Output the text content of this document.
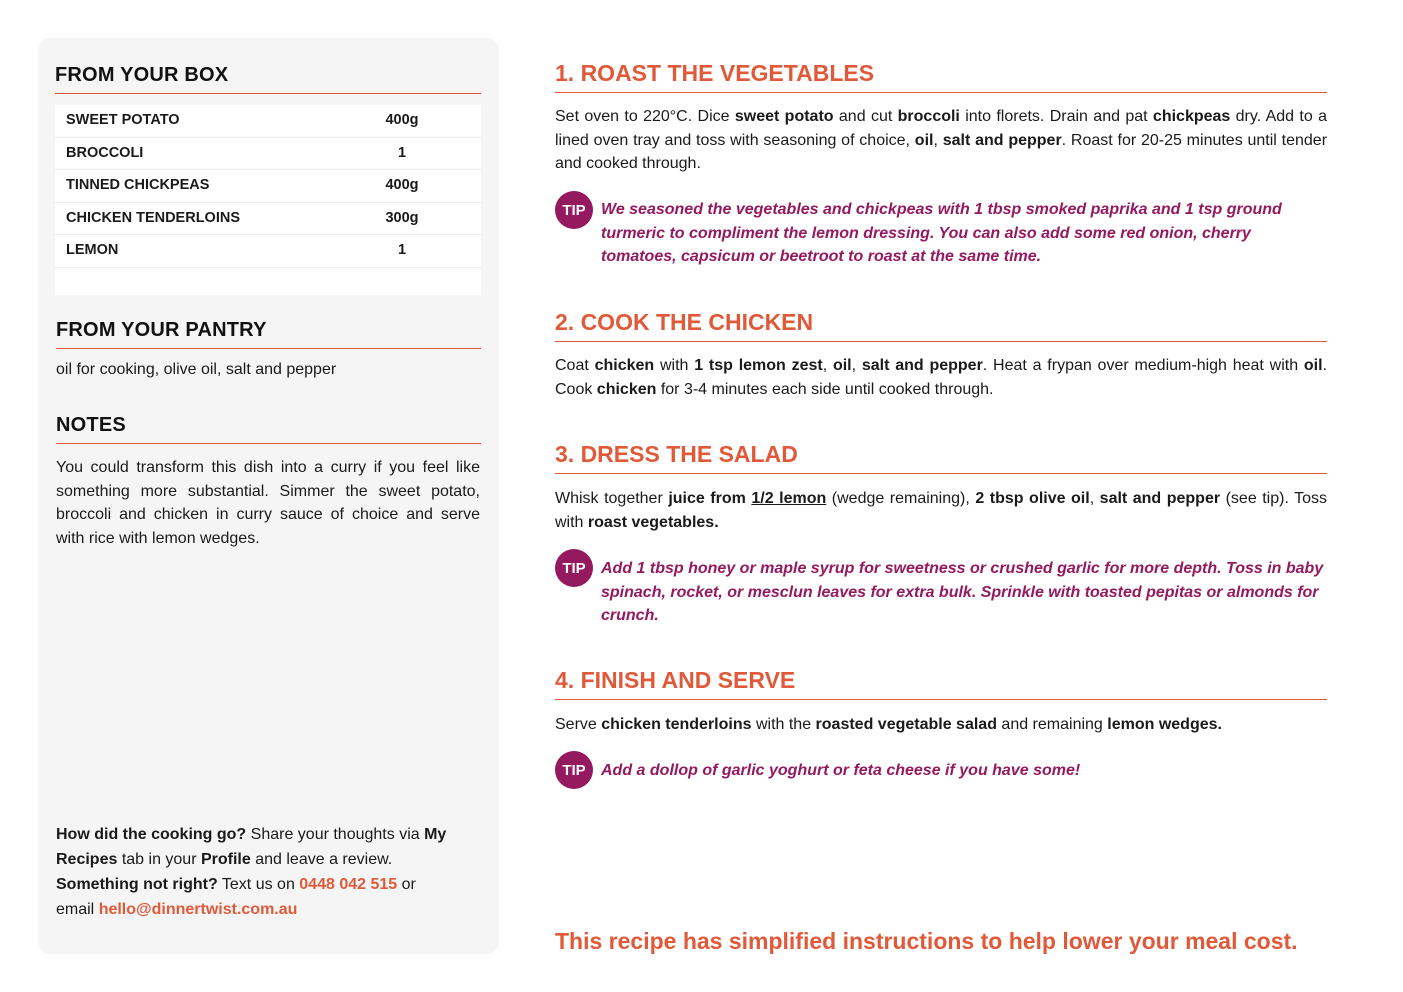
FROM YOUR BOX
SWEET POTATO	400g
BROCCOLI	1
TINNED CHICKPEAS	400g
CHICKEN TENDERLOINS	300g
LEMON	1
FROM YOUR PANTRY
oil for cooking, olive oil, salt and pepper
NOTES
You could transform this dish into a curry if you feel like something more substantial. Simmer the sweet potato, broccoli and chicken in curry sauce of choice and serve with rice with lemon wedges.
How did the cooking go? Share your thoughts via My Recipes tab in your Profile and leave a review.
Something not right? Text us on 0448 042 515 or
email hello@dinnertwist.com.au
1. ROAST THE VEGETABLES
Set oven to 220°C. Dice sweet potato and cut broccoli into florets. Drain and pat chickpeas dry. Add to a lined oven tray and toss with seasoning of choice, oil, salt and pepper. Roast for 20-25 minutes until tender and cooked through.
TIP We seasoned the vegetables and chickpeas with 1 tbsp smoked paprika and 1 tsp ground turmeric to compliment the lemon dressing. You can also add some red onion, cherry tomatoes, capsicum or beetroot to roast at the same time.
2. COOK THE CHICKEN
Coat chicken with 1 tsp lemon zest, oil, salt and pepper. Heat a frypan over medium-high heat with oil. Cook chicken for 3-4 minutes each side until cooked through.
3. DRESS THE SALAD
Whisk together juice from 1/2 lemon (wedge remaining), 2 tbsp olive oil, salt and pepper (see tip). Toss with roast vegetables.
TIP Add 1 tbsp honey or maple syrup for sweetness or crushed garlic for more depth. Toss in baby spinach, rocket, or mesclun leaves for extra bulk. Sprinkle with toasted pepitas or almonds for crunch.
4. FINISH AND SERVE
Serve chicken tenderloins with the roasted vegetable salad and remaining lemon wedges.
TIP Add a dollop of garlic yoghurt or feta cheese if you have some!
This recipe has simplified instructions to help lower your meal cost.
